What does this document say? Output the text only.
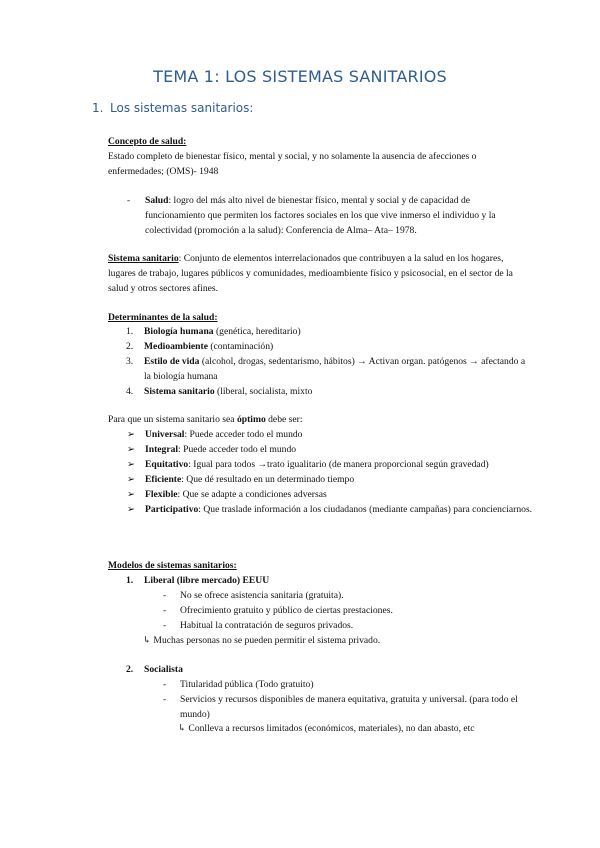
TEMA 1: LOS SISTEMAS SANITARIOS
1. Los sistemas sanitarios:
Concepto de salud:
Estado completo de bienestar físico, mental y social, y no solamente la ausencia de afecciones o enfermedades; (OMS)- 1948
- Salud: logro del más alto nivel de bienestar físico, mental y social y de capacidad de funcionamiento que permiten los factores sociales en los que vive inmerso el individuo y la colectividad (promoción a la salud): Conferencia de Alma– Ata– 1978.
Sistema sanitario: Conjunto de elementos interrelacionados que contribuyen a la salud en los hogares, lugares de trabajo, lugares públicos y comunidades, medioambiente físico y psicosocial, en el sector de la salud y otros sectores afines.
Determinantes de la salud:
1.	Biología humana (genética, hereditario)
2.	Medioambiente (contaminación)
3.	Estilo de vida (alcohol, drogas, sedentarismo, hábitos) → Activan organ. patógenos → afectando a la biología humana
4.	Sistema sanitario (liberal, socialista, mixto
Para que un sistema sanitario sea óptimo debe ser:
➢	Universal: Puede acceder todo el mundo
➢	Integral: Puede acceder todo el mundo
➢	Equitativo: Igual para todos →trato igualitario (de manera proporcional según gravedad)
➢	Eficiente: Que dé resultado en un determinado tiempo
➢	Flexible: Que se adapte a condiciones adversas
➢	Participativo: Que traslade información a los ciudadanos (mediante campañas) para concienciarnos.
Modelos de sistemas sanitarios:
1. Liberal (libre mercado) EEUU
- No se ofrece asistencia sanitaria (gratuita).
- Ofrecimiento gratuito y público de ciertas prestaciones.
- Habitual la contratación de seguros privados.
↳ Muchas personas no se pueden permitir el sistema privado.
2. Socialista
- Titularidad pública (Todo gratuito)
- Servicios y recursos disponibles de manera equitativa, gratuita y universal. (para todo el mundo)
↳ Conlleva a recursos limitados (económicos, materiales), no dan abasto, etc
